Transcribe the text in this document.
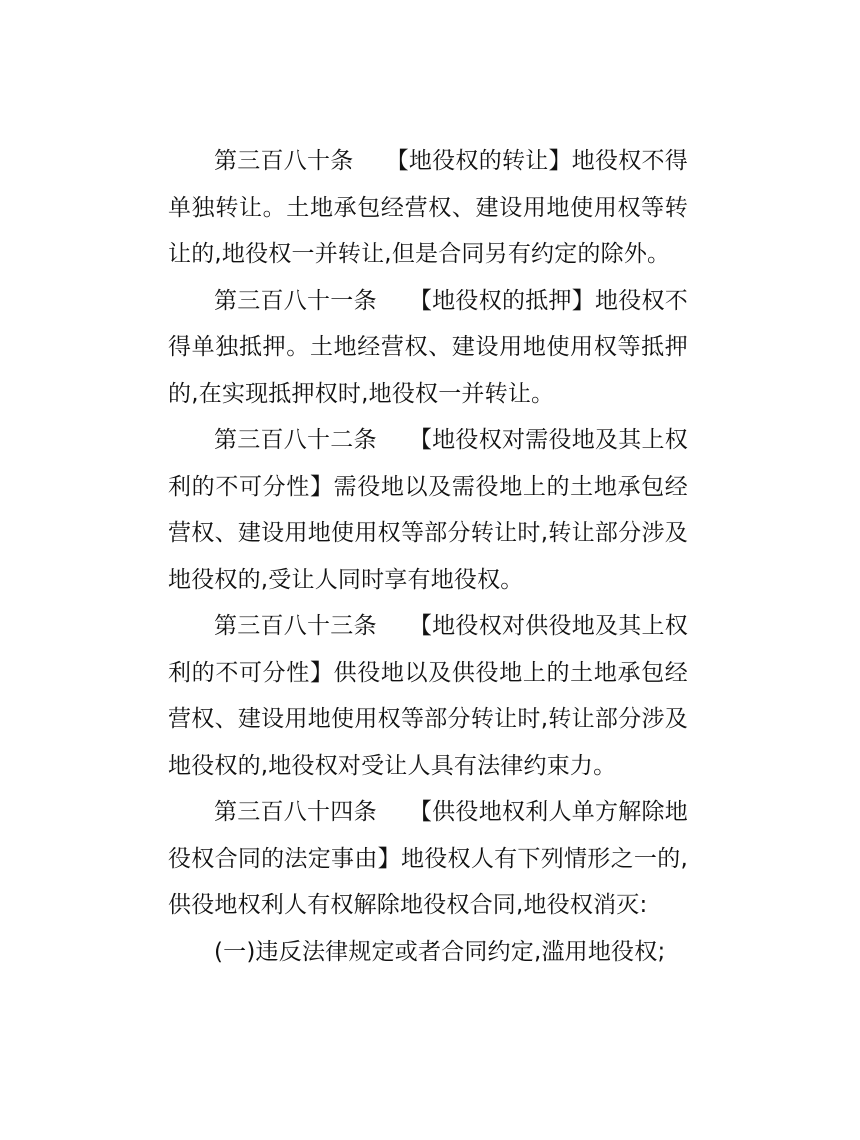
第三百八十条 【地役权的转让】地役权不得单独转让。土地承包经营权、建设用地使用权等转让的,地役权一并转让,但是合同另有约定的除外。

第三百八十一条 【地役权的抵押】地役权不得单独抵押。土地经营权、建设用地使用权等抵押的,在实现抵押权时,地役权一并转让。

第三百八十二条 【地役权对需役地及其上权利的不可分性】需役地以及需役地上的土地承包经营权、建设用地使用权等部分转让时,转让部分涉及地役权的,受让人同时享有地役权。

第三百八十三条 【地役权对供役地及其上权利的不可分性】供役地以及供役地上的土地承包经营权、建设用地使用权等部分转让时,转让部分涉及地役权的,地役权对受让人具有法律约束力。

第三百八十四条 【供役地权利人单方解除地役权合同的法定事由】地役权人有下列情形之一的,供役地权利人有权解除地役权合同,地役权消灭:

(一)违反法律规定或者合同约定,滥用地役权;
